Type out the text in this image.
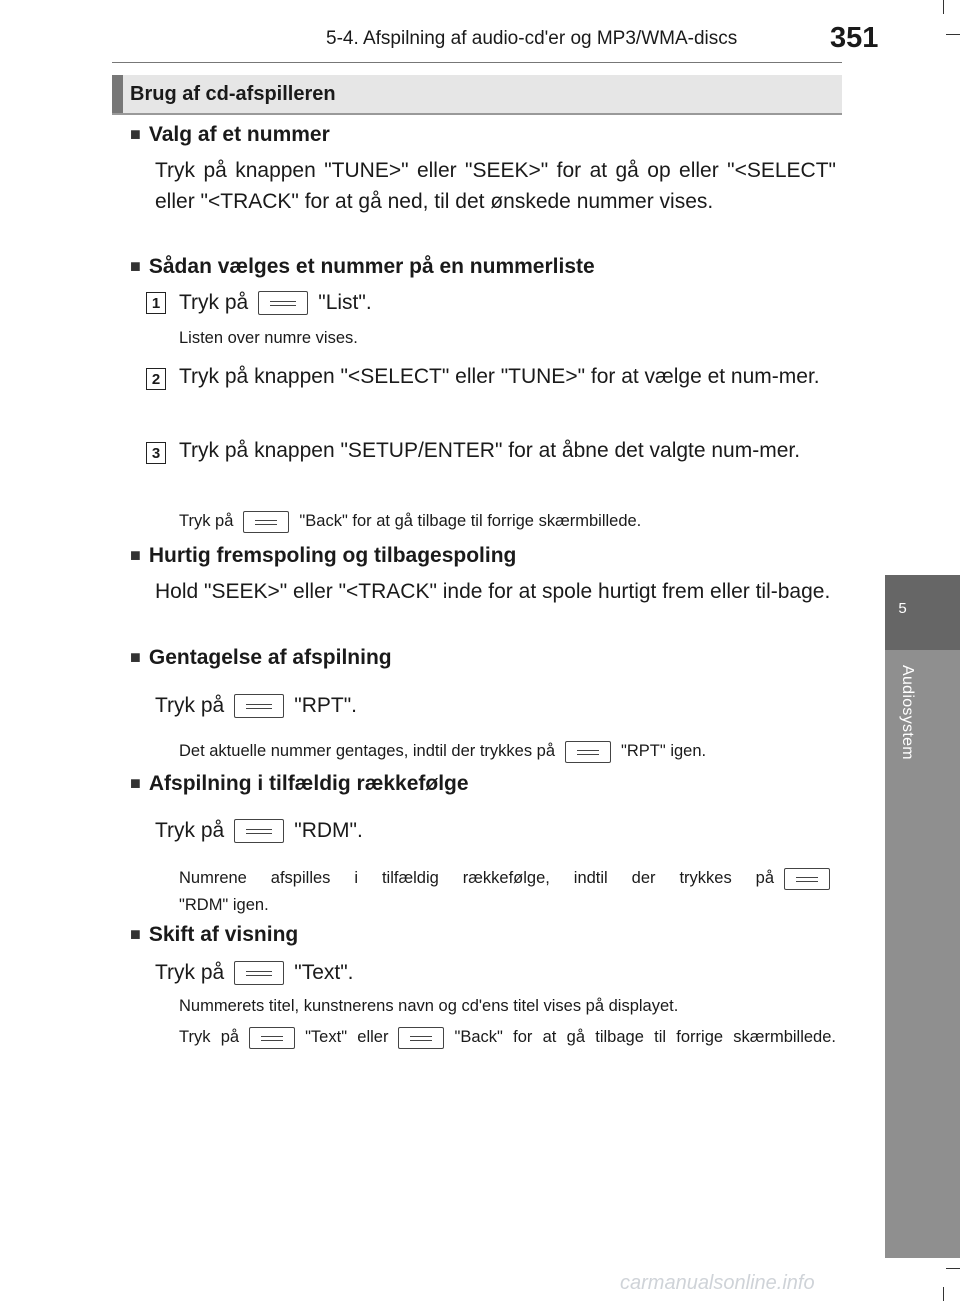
5-4. Afspilning af audio-cd'er og MP3/WMA-discs	351
5
Audiosystem
Brug af cd-afspilleren
■ Valg af et nummer
Tryk på knappen "TUNE>" eller "SEEK>" for at gå op eller "<SELECT" eller "<TRACK" for at gå ned, til det ønskede nummer vises.
■ Sådan vælges et nummer på en nummerliste
1 Tryk på	"List".
Listen over numre vises.
2 Tryk på knappen "<SELECT" eller "TUNE>" for at vælge et num-mer.
3 Tryk på knappen "SETUP/ENTER" for at åbne det valgte num-mer.
Tryk på	"Back" for at gå tilbage til forrige skærmbillede.
■ Hurtig fremspoling og tilbagespoling
Hold "SEEK>" eller "<TRACK" inde for at spole hurtigt frem eller til-bage.
■ Gentagelse af afspilning
Tryk på	"RPT".
Det aktuelle nummer gentages, indtil der trykkes på	"RPT" igen.
■ Afspilning i tilfældig rækkefølge
Tryk på	"RDM".
Numrene afspilles i tilfældig rækkefølge, indtil der trykkes på
"RDM" igen.
■ Skift af visning
Tryk på	"Text".
Nummerets titel, kunstnerens navn og cd'ens titel vises på displayet.
Tryk på	"Text" eller	"Back" for at gå tilbage til forrige skærmbillede.
carmanualsonline.info
